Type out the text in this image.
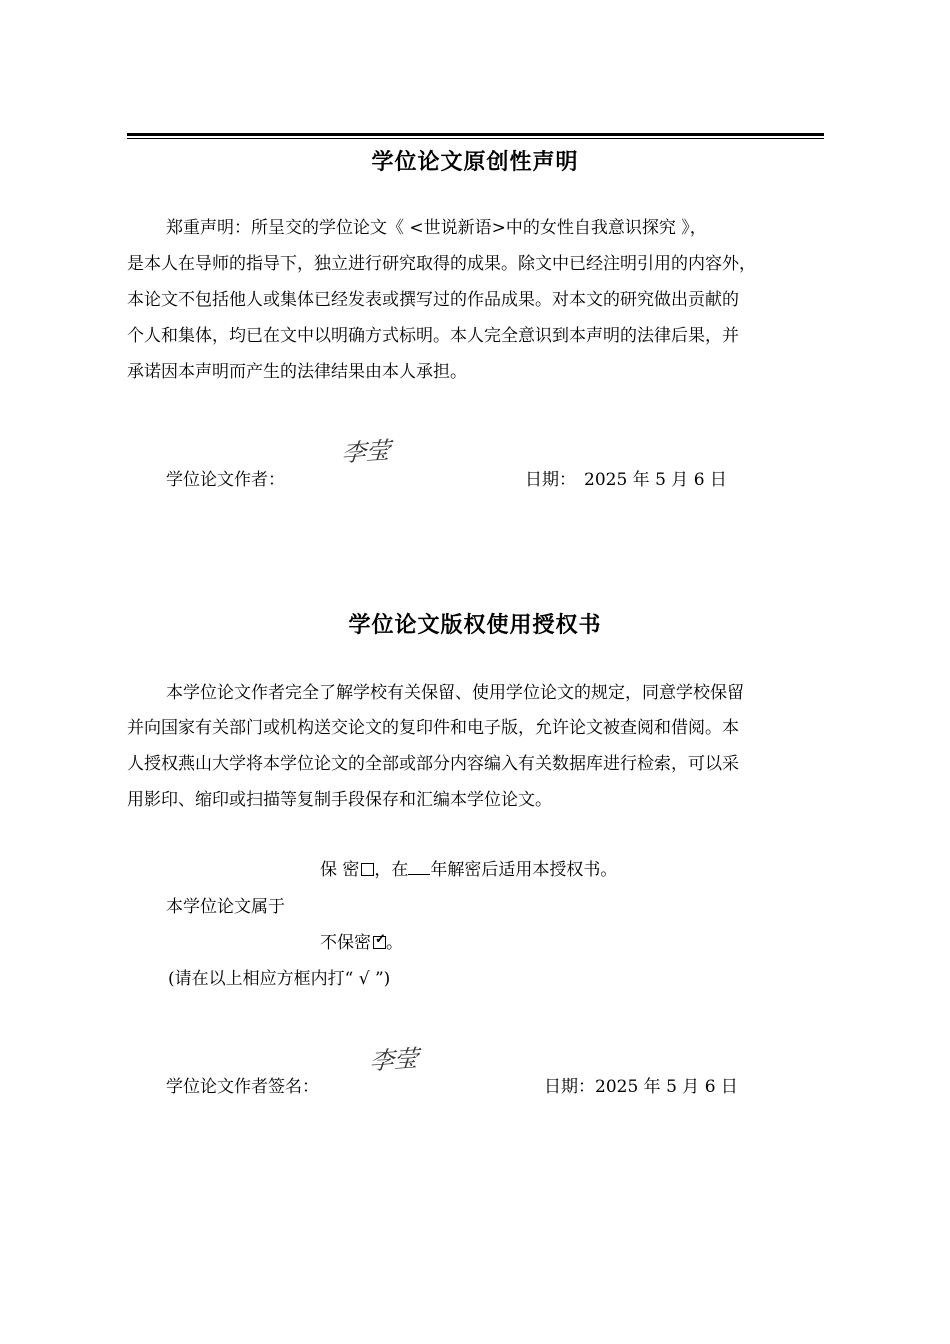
学位论文原创性声明
郑重声明：所呈交的学位论文《 <世说新语>中的女性自我意识探究 》，
是本人在导师的指导下，独立进行研究取得的成果。除文中已经注明引用的内容外，
本论文不包括他人或集体已经发表或撰写过的作品成果。对本文的研究做出贡献的
个人和集体，均已在文中以明确方式标明。本人完全意识到本声明的法律后果，并
承诺因本声明而产生的法律结果由本人承担。
李莹
学位论文作者：	日期： 2025 年 5 月 6 日
学位论文版权使用授权书
本学位论文作者完全了解学校有关保留、使用学位论文的规定，同意学校保留
并向国家有关部门或机构送交论文的复印件和电子版，允许论文被查阅和借阅。本
人授权燕山大学将本学位论文的全部或部分内容编入有关数据库进行检索，可以采
用影印、缩印或扫描等复制手段保存和汇编本学位论文。
保 密 ，在 年解密后适用本授权书。
本学位论文属于
不保密 ✓ 。
(请在以上相应方框内打“ √ ”)
李莹
学位论文作者签名：	日期：2025 年 5 月 6 日
